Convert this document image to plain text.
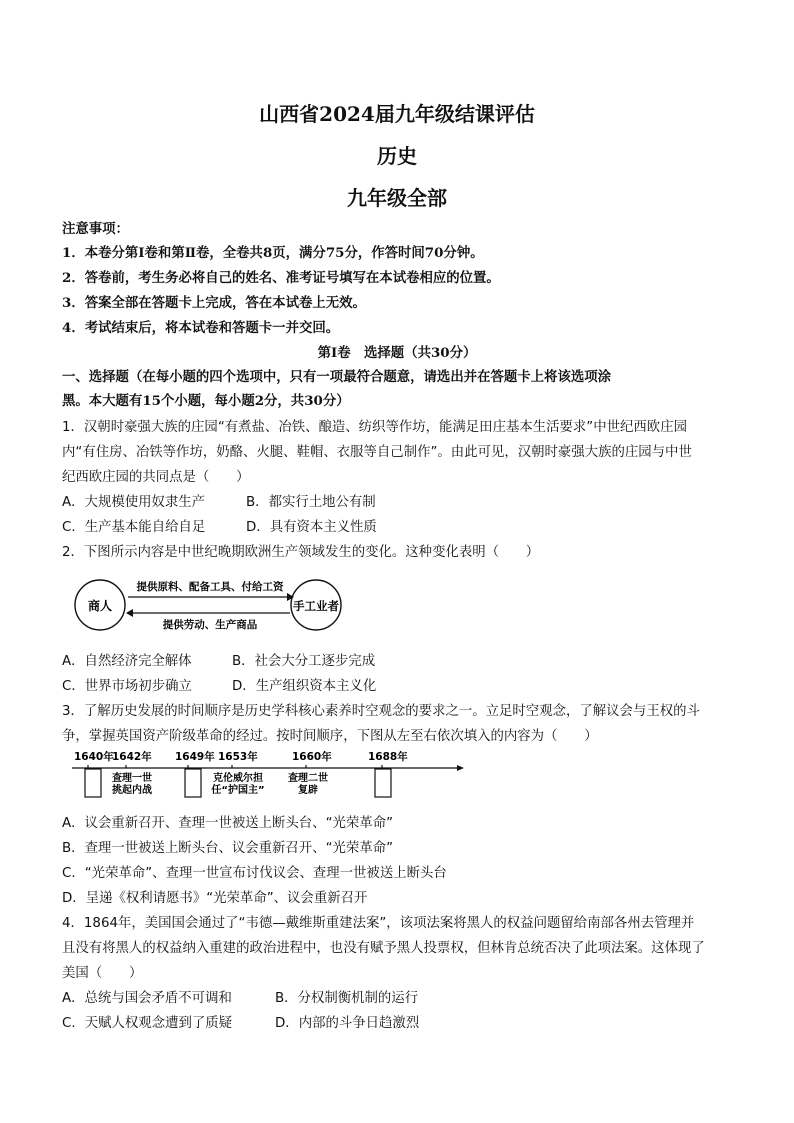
山西省2024届九年级结课评估
历史
九年级全部
注意事项：
1．本卷分第Ⅰ卷和第Ⅱ卷，全卷共8页，满分75分，作答时间70分钟。
2．答卷前，考生务必将自己的姓名、准考证号填写在本试卷相应的位置。
3．答案全部在答题卡上完成，答在本试卷上无效。
4．考试结束后，将本试卷和答题卡一并交回。
第Ⅰ卷　选择题（共30分）
一、选择题（在每小题的四个选项中，只有一项最符合题意，请选出并在答题卡上将该选项涂
黑。本大题有15个小题，每小题2分，共30分）
1．汉朝时豪强大族的庄园“有煮盐、冶铁、酿造、纺织等作坊，能满足田庄基本生活要求”中世纪西欧庄园
内“有住房、冶铁等作坊，奶酪、火腿、鞋帽、衣服等自己制作”。由此可见，汉朝时豪强大族的庄园与中世
纪西欧庄园的共同点是（　　）
A．大规模使用奴隶生产	B．都实行土地公有制
C．生产基本能自给自足	D．具有资本主义性质
2．下图所示内容是中世纪晚期欧洲生产领域发生的变化。这种变化表明（　　）
商人	手工业者
提供原料、配备工具、付给工资
提供劳动、生产商品
A．自然经济完全解体	B．社会大分工逐步完成
C．世界市场初步确立	D．生产组织资本主义化
3．了解历史发展的时间顺序是历史学科核心素养时空观念的要求之一。立足时空观念，了解议会与王权的斗
争，掌握英国资产阶级革命的经过。按时间顺序，下图从左至右依次填入的内容为（　　）
1640年
1642年 1649年 1653年	1660年	1688年
查理一世
挑起内战
克伦威尔担
任“护国主”
查理二世
复辟
A．议会重新召开、查理一世被送上断头台、“光荣革命”
B．查理一世被送上断头台、议会重新召开、“光荣革命”
C．“光荣革命”、查理一世宣布讨伐议会、查理一世被送上断头台
D．呈递《权利请愿书》“光荣革命”、议会重新召开
4．1864年，美国国会通过了“韦德—戴维斯重建法案”，该项法案将黑人的权益问题留给南部各州去管理并
且没有将黑人的权益纳入重建的政治进程中，也没有赋予黑人投票权，但林肯总统否决了此项法案。这体现了
美国（　　）
A．总统与国会矛盾不可调和	B．分权制衡机制的运行
C．天赋人权观念遭到了质疑	D．内部的斗争日趋激烈
